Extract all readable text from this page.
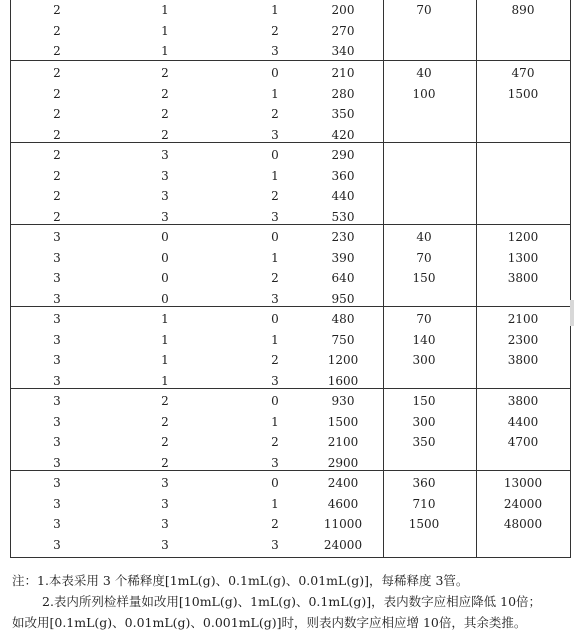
2	1	1	200	70	890
2	1	2	270
2	1	3	340
2	2	0	210	40	470
2	2	1	280	100	1500
2	2	2	350
2	2	3	420
2	3	0	290
2	3	1	360
2	3	2	440
2	3	3	530
3	0	0	230	40	1200
3	0	1	390	70	1300
3	0	2	640	150	3800
3	0	3	950
3	1	0	480	70	2100
3	1	1	750	140	2300
3	1	2	1200	300	3800
3	1	3	1600
3	2	0	930	150	3800
3	2	1	1500	300	4400
3	2	2	2100	350	4700
3	2	3	2900
3	3	0	2400	360	13000
3	3	1	4600	710	24000
3	3	2	11000	1500	48000
3	3	3	24000

注：1.本表采用 3 个稀释度[1mL(g)、0.1mL(g)、0.01mL(g)]，每稀释度 3管。

2.表内所列检样量如改用[10mL(g)、1mL(g)、0.1mL(g)]，表内数字应相应降低 10倍；

如改用[0.1mL(g)、0.01mL(g)、0.001mL(g)]时，则表内数字应相应增 10倍，其余类推。
